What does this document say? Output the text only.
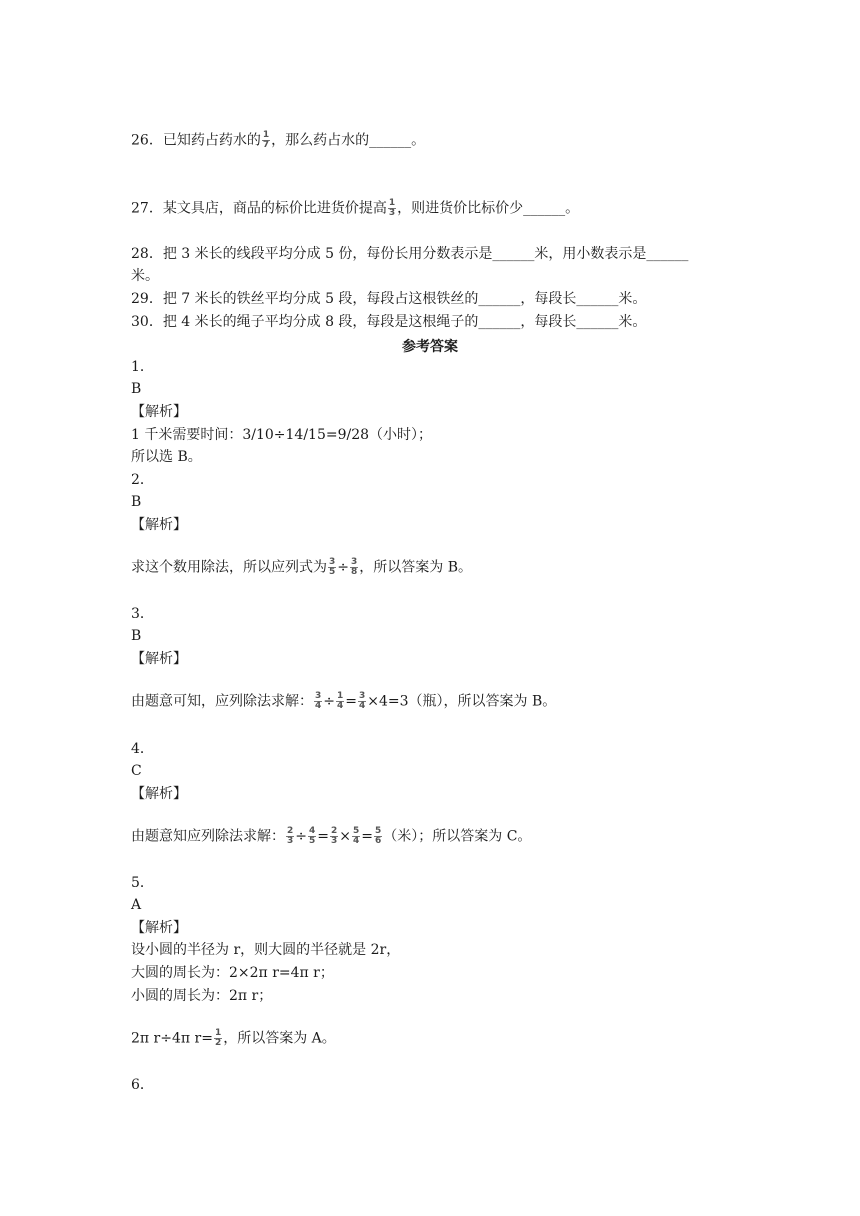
26．已知药占药水的 $\frac{1}{7}$ ，那么药占水的______。
27．某文具店，商品的标价比进货价提高 $\frac{1}{3}$ ，则进货价比标价少______。
28．把 3 米长的线段平均分成 5 份，每份长用分数表示是______米，用小数表示是______
米。
29．把 7 米长的铁丝平均分成 5 段，每段占这根铁丝的______，每段长______米。
30．把 4 米长的绳子平均分成 8 段，每段是这根绳子的______，每段长______米。
参考答案
1．
B
【解析】
1 千米需要时间：3/10÷14/15=9/28（小时）；
所以选 B。
2．
B
【解析】
求这个数用除法，所以应列式为 $\frac{3}{5} \div \frac{3}{8}$ ，所以答案为 B。
3．
B
【解析】
由题意可知，应列除法求解： $\frac{3}{4} \div \frac{1}{4} = \frac{3}{4} \times 4=3$（瓶），所以答案为 B。
4．
C
【解析】
由题意知应列除法求解： $\frac{2}{3} \div \frac{4}{5} = \frac{2}{3} \times \frac{5}{4} = \frac{5}{6}$ （米）；所以答案为 C。
5．
A
【解析】
设小圆的半径为 r，则大圆的半径就是 2r，
大圆的周长为：2×2π r=4π r；
小圆的周长为：2π r；
2π r÷4π $r= \frac{1}{2}$ ，所以答案为 A。
6．
